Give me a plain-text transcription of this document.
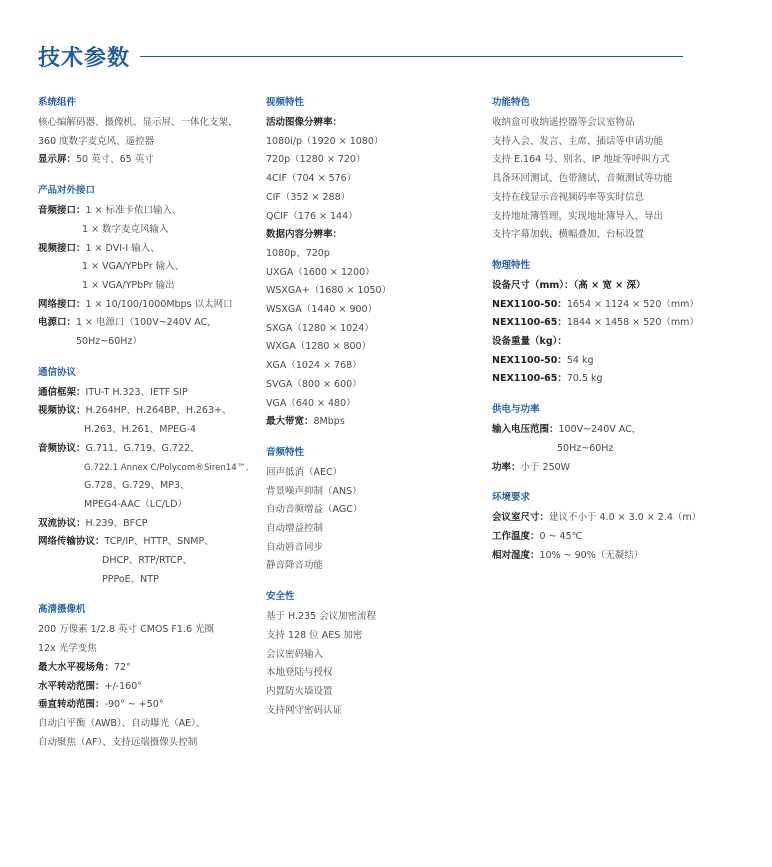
技术参数
系统组件
核心编解码器、摄像机、显示屏、一体化支架、
360 度数字麦克风、遥控器
显示屏：50 英寸、65 英寸
产品对外接口
音频接口：1 × 标准卡侬口输入、
1 × 数字麦克风输入
视频接口：1 × DVI-I 输入、
1 × VGA/YPbPr 输入、
1 × VGA/YPbPr 输出
网络接口：1 × 10/100/1000Mbps 以太网口
电源口：1 × 电源口（100V~240V AC，
50Hz~60Hz）
通信协议
通信框架：ITU-T H.323、IETF SIP
视频协议：H.264HP、H.264BP、H.263+、
H.263、H.261、MPEG-4
音频协议：G.711、G.719、G.722、
G.722.1 Annex C/Polycom®Siren14™、
G.728、G.729、MP3、
MPEG4-AAC（LC/LD）
双流协议：H.239、BFCP
网络传输协议：TCP/IP、HTTP、SNMP、
DHCP、RTP/RTCP、
PPPoE、NTP
高清摄像机
200 万像素 1/2.8 英寸 CMOS F1.6 光圈
12x 光学变焦
最大水平视场角：72°
水平转动范围：+/-160°
垂直转动范围：-90° ~ +50°
自动白平衡（AWB）、自动曝光（AE）、
自动聚焦（AF）、支持远端摄像头控制
视频特性
活动图像分辨率：
1080i/p（1920 × 1080）
720p（1280 × 720）
4CIF（704 × 576）
CIF（352 × 288）
QCIF（176 × 144）
数据内容分辨率：
1080p、720p
UXGA（1600 × 1200）
WSXGA+（1680 × 1050）
WSXGA（1440 × 900）
SXGA（1280 × 1024）
WXGA（1280 × 800）
XGA（1024 × 768）
SVGA（800 × 600）
VGA（640 × 480）
最大带宽：8Mbps
音频特性
回声抵消（AEC）
背景噪声抑制（ANS）
自动音频增益（AGC）
自动增益控制
自动唇音同步
静音降音功能
安全性
基于 H.235 会议加密流程
支持 128 位 AES 加密
会议密码输入
本地登陆与授权
内置防火墙设置
支持网守密码认证
功能特色
收纳盒可收纳遥控器等会议室物品
支持入会、发言、主席、插话等申请功能
支持 E.164 号、别名、IP 地址等呼叫方式
具备环回测试、色带测试、音频测试等功能
支持在线显示音视频码率等实时信息
支持地址簿管理，实现地址簿导入、导出
支持字幕加载、横幅叠加、台标设置
物理特性
设备尺寸（mm）：（高 × 宽 × 深）
NEX1100-50：1654 × 1124 × 520（mm）
NEX1100-65：1844 × 1458 × 520（mm）
设备重量（kg）：
NEX1100-50：54 kg
NEX1100-65：70.5 kg
供电与功率
输入电压范围：100V~240V AC，
50Hz~60Hz
功率：小于 250W
环境要求
会议室尺寸：建议不小于 4.0 × 3.0 × 2.4（m）
工作温度：0 ~ 45℃
相对湿度：10% ~ 90%（无凝结）
